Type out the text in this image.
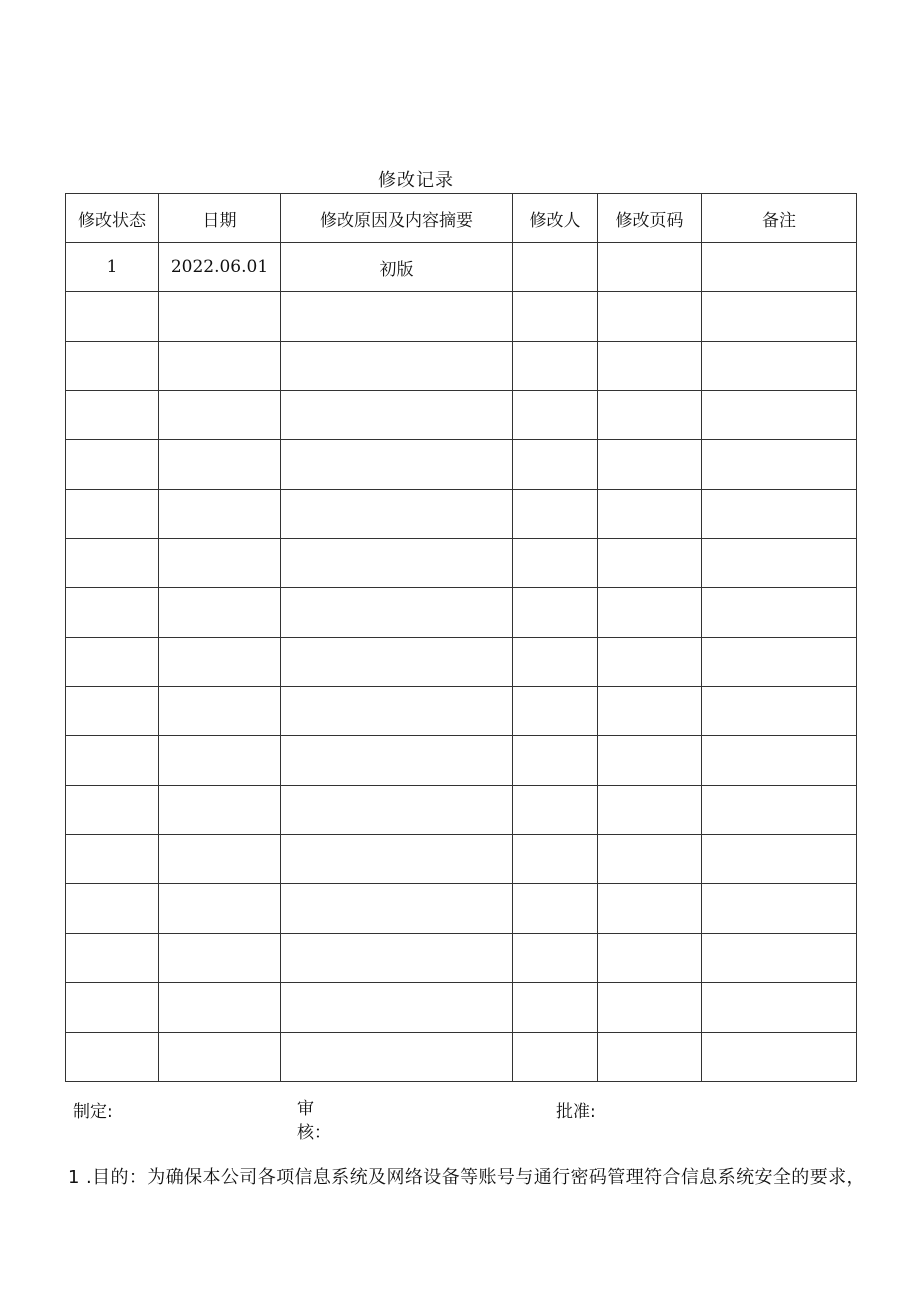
修改记录
修改状态	日期	修改原因及内容摘要	修改人	修改页码	备注
1	2022.06.01	初版			

制定:	审
核：
批准:
1 .目的：为确保本公司各项信息系统及网络设备等账号与通行密码管理符合信息系统安全的要求，
